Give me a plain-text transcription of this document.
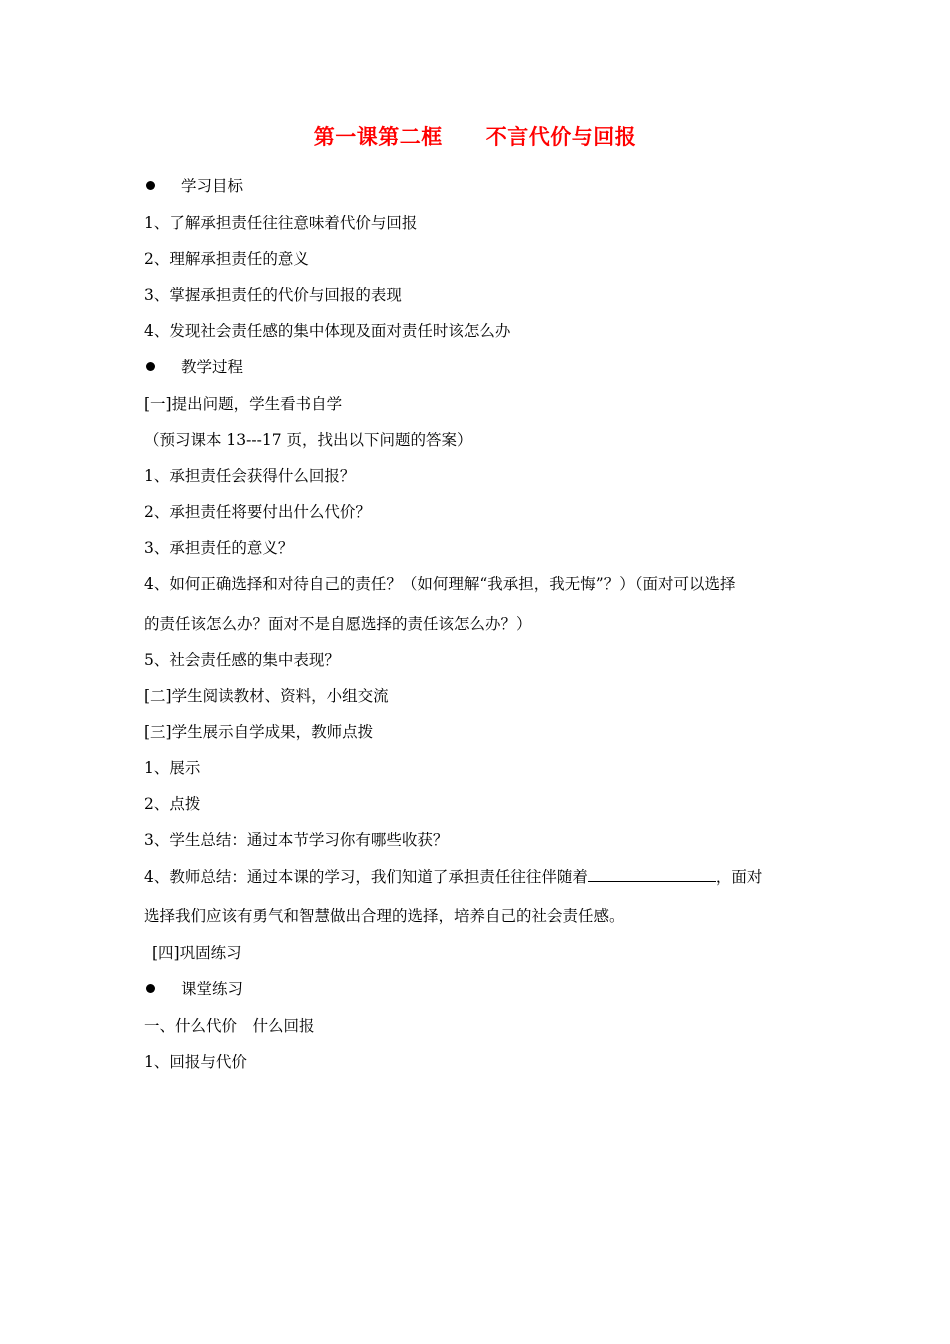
第一课第二框　　不言代价与回报
学习目标
1、了解承担责任往往意味着代价与回报
2、理解承担责任的意义
3、掌握承担责任的代价与回报的表现
4、发现社会责任感的集中体现及面对责任时该怎么办
教学过程
[一]提出问题，学生看书自学
（预习课本 13---17 页，找出以下问题的答案）
1、承担责任会获得什么回报？
2、承担责任将要付出什么代价？
3、承担责任的意义？
4、如何正确选择和对待自己的责任？（如何理解“我承担，我无悔”？）（面对可以选择
的责任该怎么办？面对不是自愿选择的责任该怎么办？）
5、社会责任感的集中表现？
[二]学生阅读教材、资料，小组交流
[三]学生展示自学成果，教师点拨
1、展示
2、点拨
3、学生总结：通过本节学习你有哪些收获？
4、教师总结：通过本课的学习，我们知道了承担责任往往伴随着	，面对
选择我们应该有勇气和智慧做出合理的选择，培养自己的社会责任感。
[四]巩固练习
课堂练习
一、什么代价　什么回报
1、回报与代价
